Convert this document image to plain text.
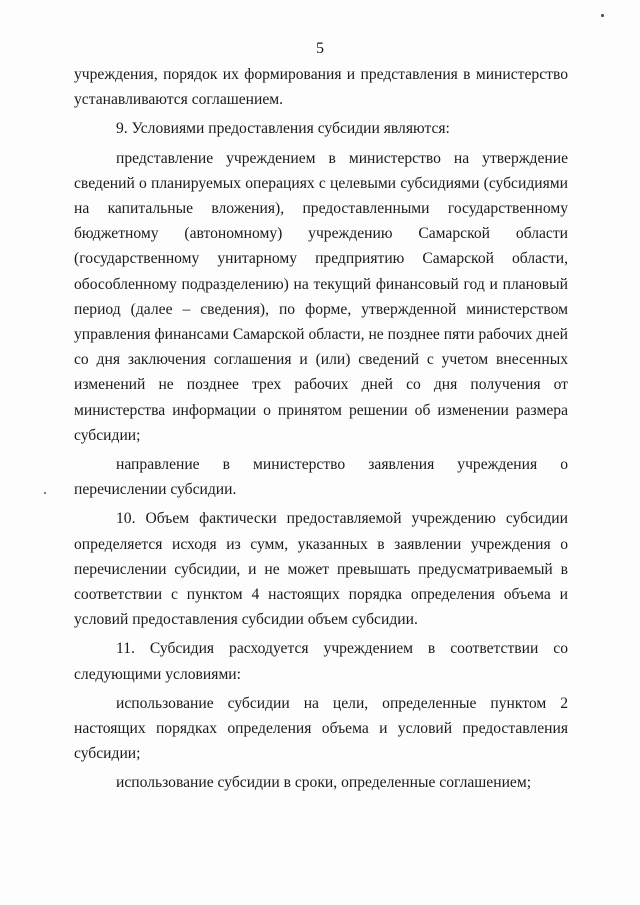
5

учреждения, порядок их формирования и представления в министерство устанавливаются соглашением.

9. Условиями предоставления субсидии являются:

представление учреждением в министерство на утверждение сведений о планируемых операциях с целевыми субсидиями (субсидиями на капитальные вложения), предоставленными государственному бюджетному (автономному) учреждению Самарской области (государственному унитарному предприятию Самарской области, обособленному подразделению) на текущий финансовый год и плановый период (далее – сведения), по форме, утвержденной министерством управления финансами Самарской области, не позднее пяти рабочих дней со дня заключения соглашения и (или) сведений с учетом внесенных изменений не позднее трех рабочих дней со дня получения от министерства информации о принятом решении об изменении размера субсидии;

направление в министерство заявления учреждения о перечислении субсидии.

10. Объем фактически предоставляемой учреждению субсидии определяется исходя из сумм, указанных в заявлении учреждения о перечислении субсидии, и не может превышать предусматриваемый в соответствии с пунктом 4 настоящих порядка определения объема и условий предоставления субсидии объем субсидии.

11. Субсидия расходуется учреждением в соответствии со следующими условиями:

использование субсидии на цели, определенные пунктом 2 настоящих порядках определения объема и условий предоставления субсидии;

использование субсидии в сроки, определенные соглашением;
